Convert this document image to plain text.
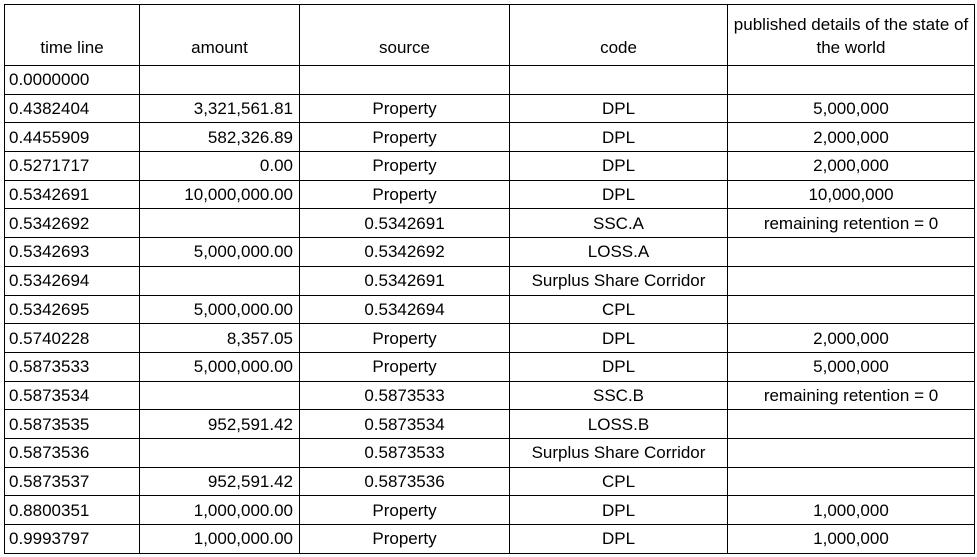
time line	amount	source	code	published details of the state of the world
0.0000000				
0.4382404	3,321,561.81	Property	DPL	5,000,000
0.4455909	582,326.89	Property	DPL	2,000,000
0.5271717	0.00	Property	DPL	2,000,000
0.5342691	10,000,000.00	Property	DPL	10,000,000
0.5342692		0.5342691	SSC.A	remaining retention = 0
0.5342693	5,000,000.00	0.5342692	LOSS.A	
0.5342694		0.5342691	Surplus Share Corridor	
0.5342695	5,000,000.00	0.5342694	CPL	
0.5740228	8,357.05	Property	DPL	2,000,000
0.5873533	5,000,000.00	Property	DPL	5,000,000
0.5873534		0.5873533	SSC.B	remaining retention = 0
0.5873535	952,591.42	0.5873534	LOSS.B	
0.5873536		0.5873533	Surplus Share Corridor	
0.5873537	952,591.42	0.5873536	CPL	
0.8800351	1,000,000.00	Property	DPL	1,000,000
0.9993797	1,000,000.00	Property	DPL	1,000,000
